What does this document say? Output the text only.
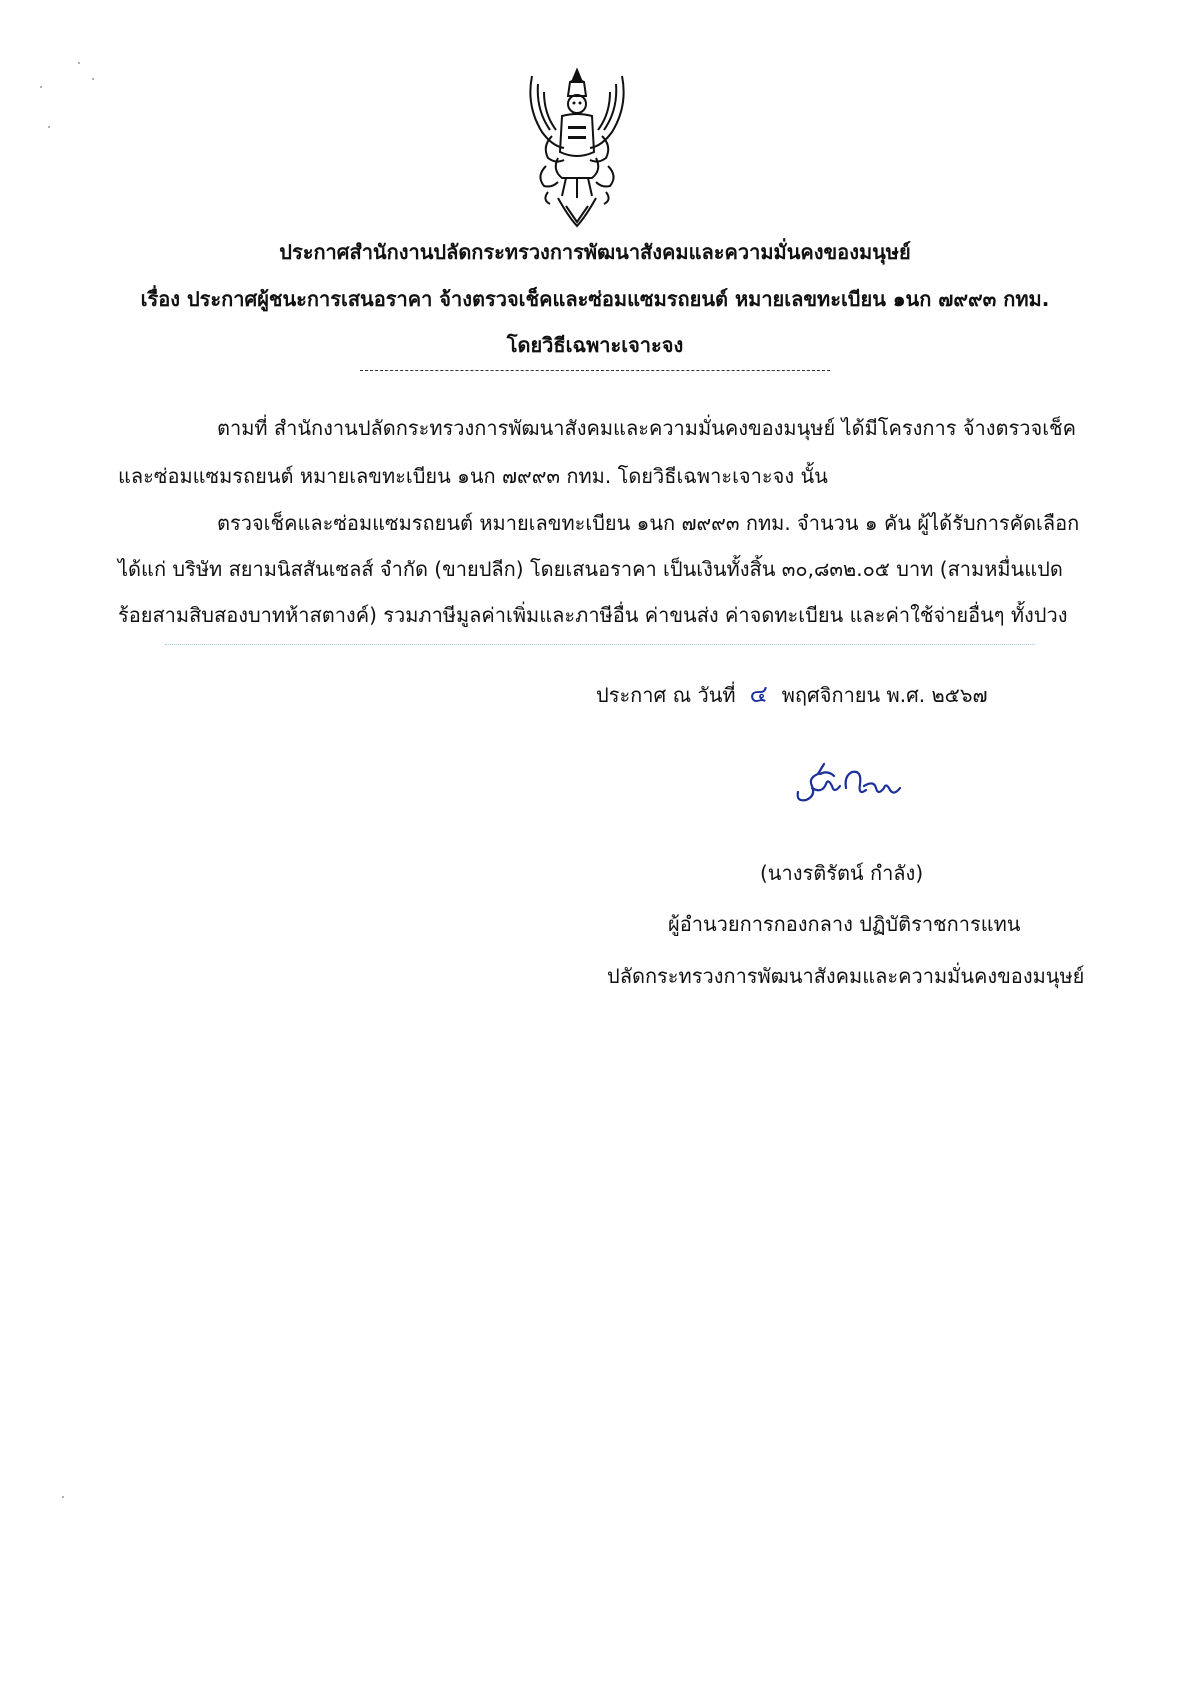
ประกาศสำนักงานปลัดกระทรวงการพัฒนาสังคมและความมั่นคงของมนุษย์
เรื่อง ประกาศผู้ชนะการเสนอราคา จ้างตรวจเช็คและซ่อมแซมรถยนต์ หมายเลขทะเบียน ๑นก ๗๙๙๓ กทม.
โดยวิธีเฉพาะเจาะจง
ตามที่ สำนักงานปลัดกระทรวงการพัฒนาสังคมและความมั่นคงของมนุษย์ ได้มีโครงการ จ้างตรวจเช็ค
และซ่อมแซมรถยนต์ หมายเลขทะเบียน ๑นก ๗๙๙๓ กทม. โดยวิธีเฉพาะเจาะจง นั้น
ตรวจเช็คและซ่อมแซมรถยนต์ หมายเลขทะเบียน ๑นก ๗๙๙๓ กทม. จำนวน ๑ คัน ผู้ได้รับการคัดเลือก
ได้แก่ บริษัท สยามนิสสันเซลส์ จำกัด (ขายปลีก) โดยเสนอราคา เป็นเงินทั้งสิ้น ๓๐,๘๓๒.๐๕ บาท (สามหมื่นแปด
ร้อยสามสิบสองบาทห้าสตางค์) รวมภาษีมูลค่าเพิ่มและภาษีอื่น ค่าขนส่ง ค่าจดทะเบียน และค่าใช้จ่ายอื่นๆ ทั้งปวง
ประกาศ ณ วันที่ ๔ พฤศจิกายน พ.ศ. ๒๕๖๗
(นางรติรัตน์ กำลัง)
ผู้อำนวยการกองกลาง ปฏิบัติราชการแทน
ปลัดกระทรวงการพัฒนาสังคมและความมั่นคงของมนุษย์
